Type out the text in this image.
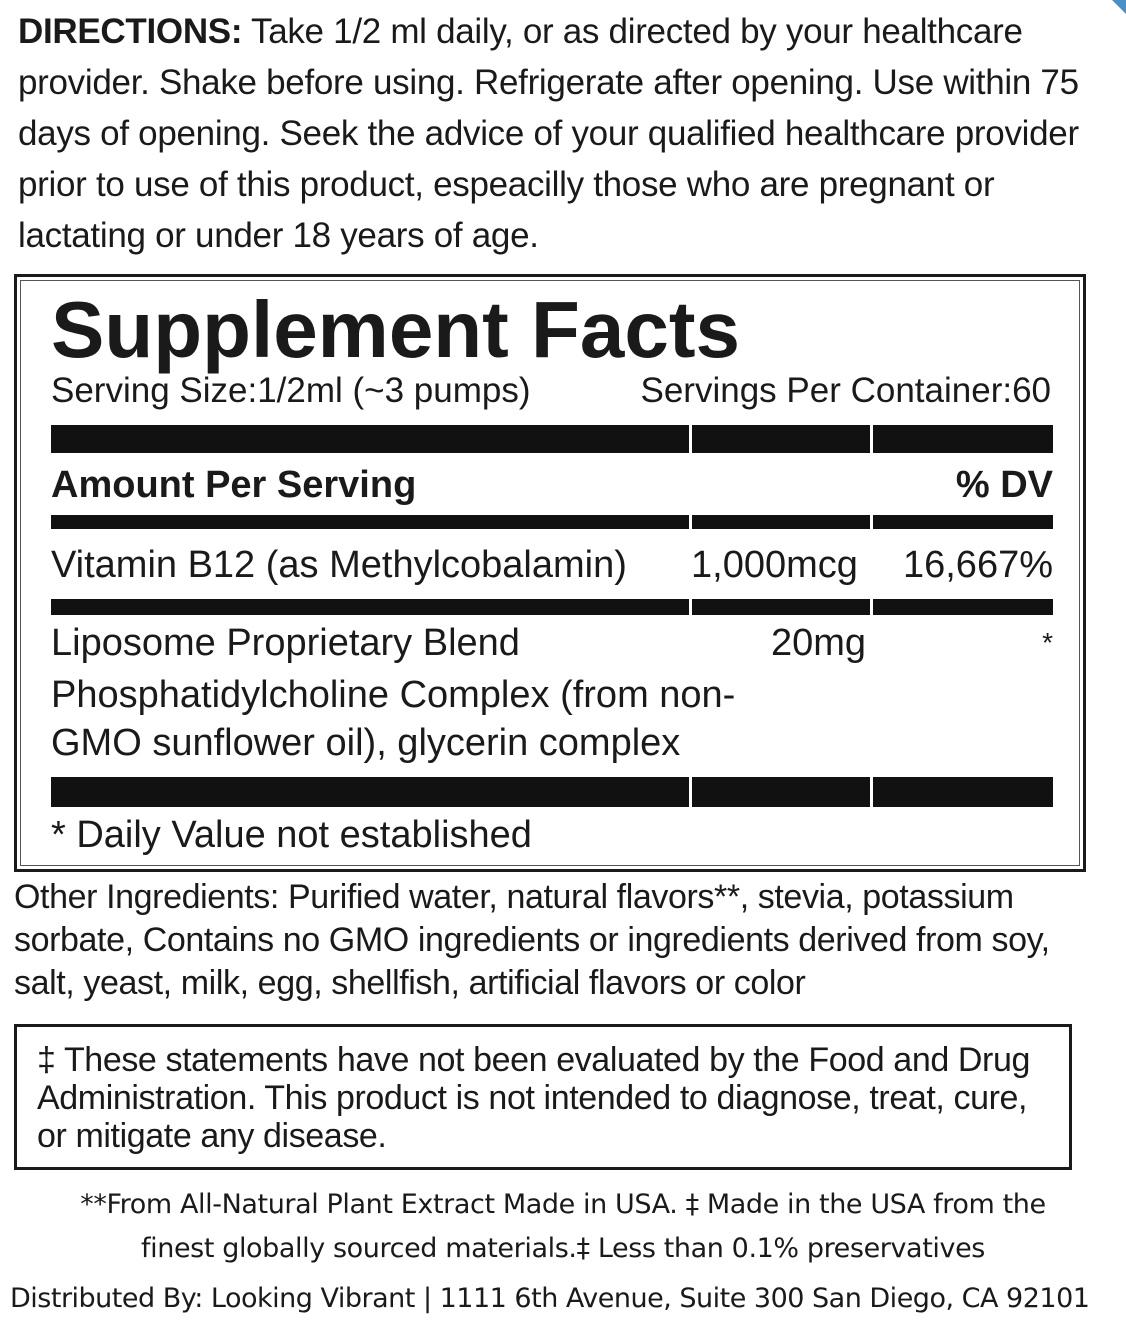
DIRECTIONS: Take 1/2 ml daily, or as directed by your healthcare provider. Shake before using. Refrigerate after opening. Use within 75 days of opening. Seek the advice of your qualified healthcare provider prior to use of this product, espeacilly those who are pregnant or lactating or under 18 years of age.
Supplement Facts
Serving Size:1/2ml (~3 pumps)	Servings Per Container:60
Amount Per Serving	% DV
Vitamin B12 (as Methylcobalamin) 1,000mcg 16,667%
Liposome Proprietary Blend	20mg	*
Phosphatidylcholine Complex (from non-GMO sunflower oil), glycerin complex
* Daily Value not established
Other Ingredients: Purified water, natural flavors**, stevia, potassium sorbate, Contains no GMO ingredients or ingredients derived from soy, salt, yeast, milk, egg, shellfish, artificial flavors or color
‡ These statements have not been evaluated by the Food and Drug Administration. This product is not intended to diagnose, treat, cure, or mitigate any disease.
**From All-Natural Plant Extract Made in USA. ‡ Made in the USA from the
finest globally sourced materials.‡ Less than 0.1% preservatives
Distributed By: Looking Vibrant | 1111 6th Avenue, Suite 300 San Diego, CA 92101
